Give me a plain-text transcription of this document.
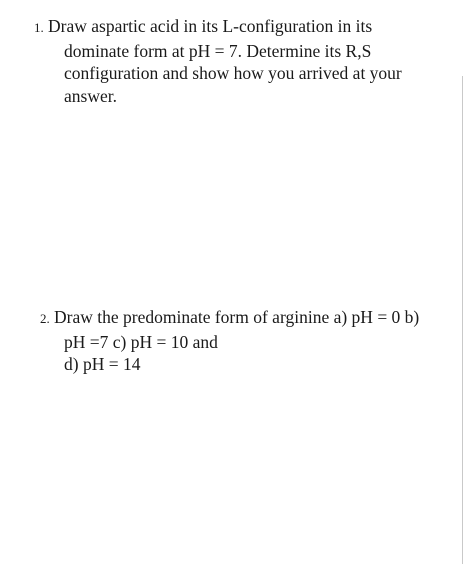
1. Draw aspartic acid in its L-configuration in its
dominate form at pH = 7. Determine its R,S
configuration and show how you arrived at your
answer.
2. Draw the predominate form of arginine a) pH = 0 b)
pH =7 c) pH = 10 and
d) pH = 14
